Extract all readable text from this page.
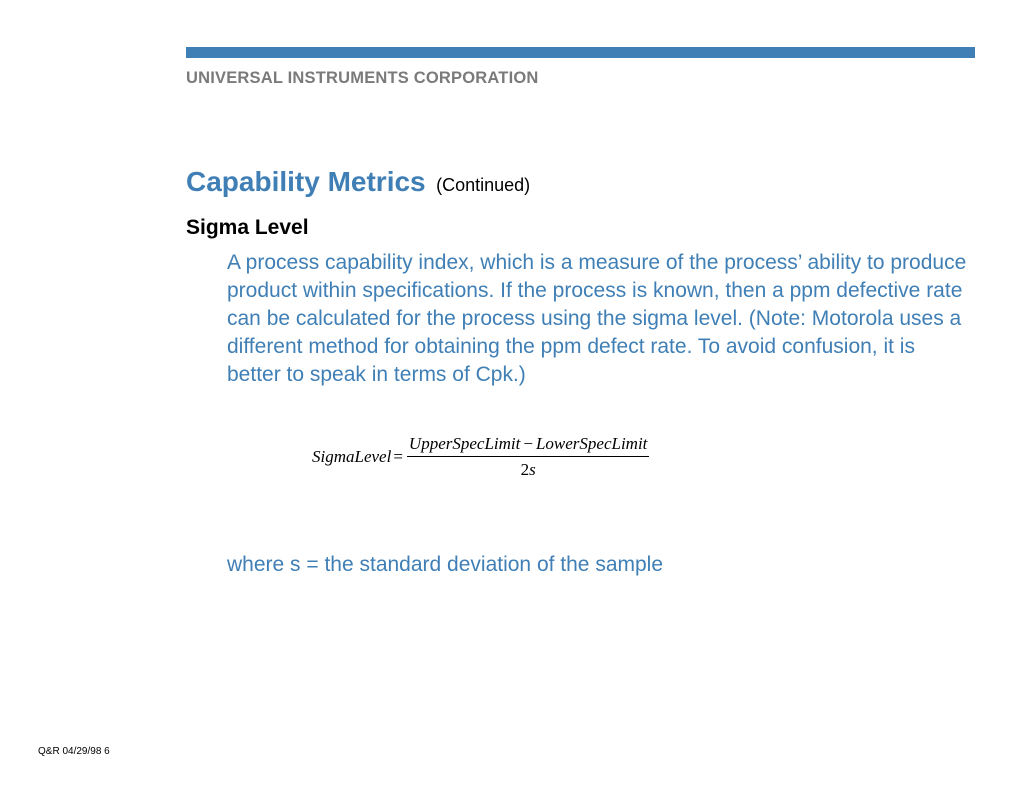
UNIVERSAL INSTRUMENTS CORPORATION
Capability Metrics (Continued)
Sigma Level
A process capability index, which is a measure of the process’ ability to produce product within specifications. If the process is known, then a ppm defective rate can be calculated for the process using the sigma level. (Note: Motorola uses a different method for obtaining the ppm defect rate. To avoid confusion, it is better to speak in terms of Cpk.)
SigmaLevel = $\frac{\text{UpperSpecLimit − LowerSpecLimit}}{2s}$
where s = the standard deviation of the sample
Q&R 04/29/98 6
